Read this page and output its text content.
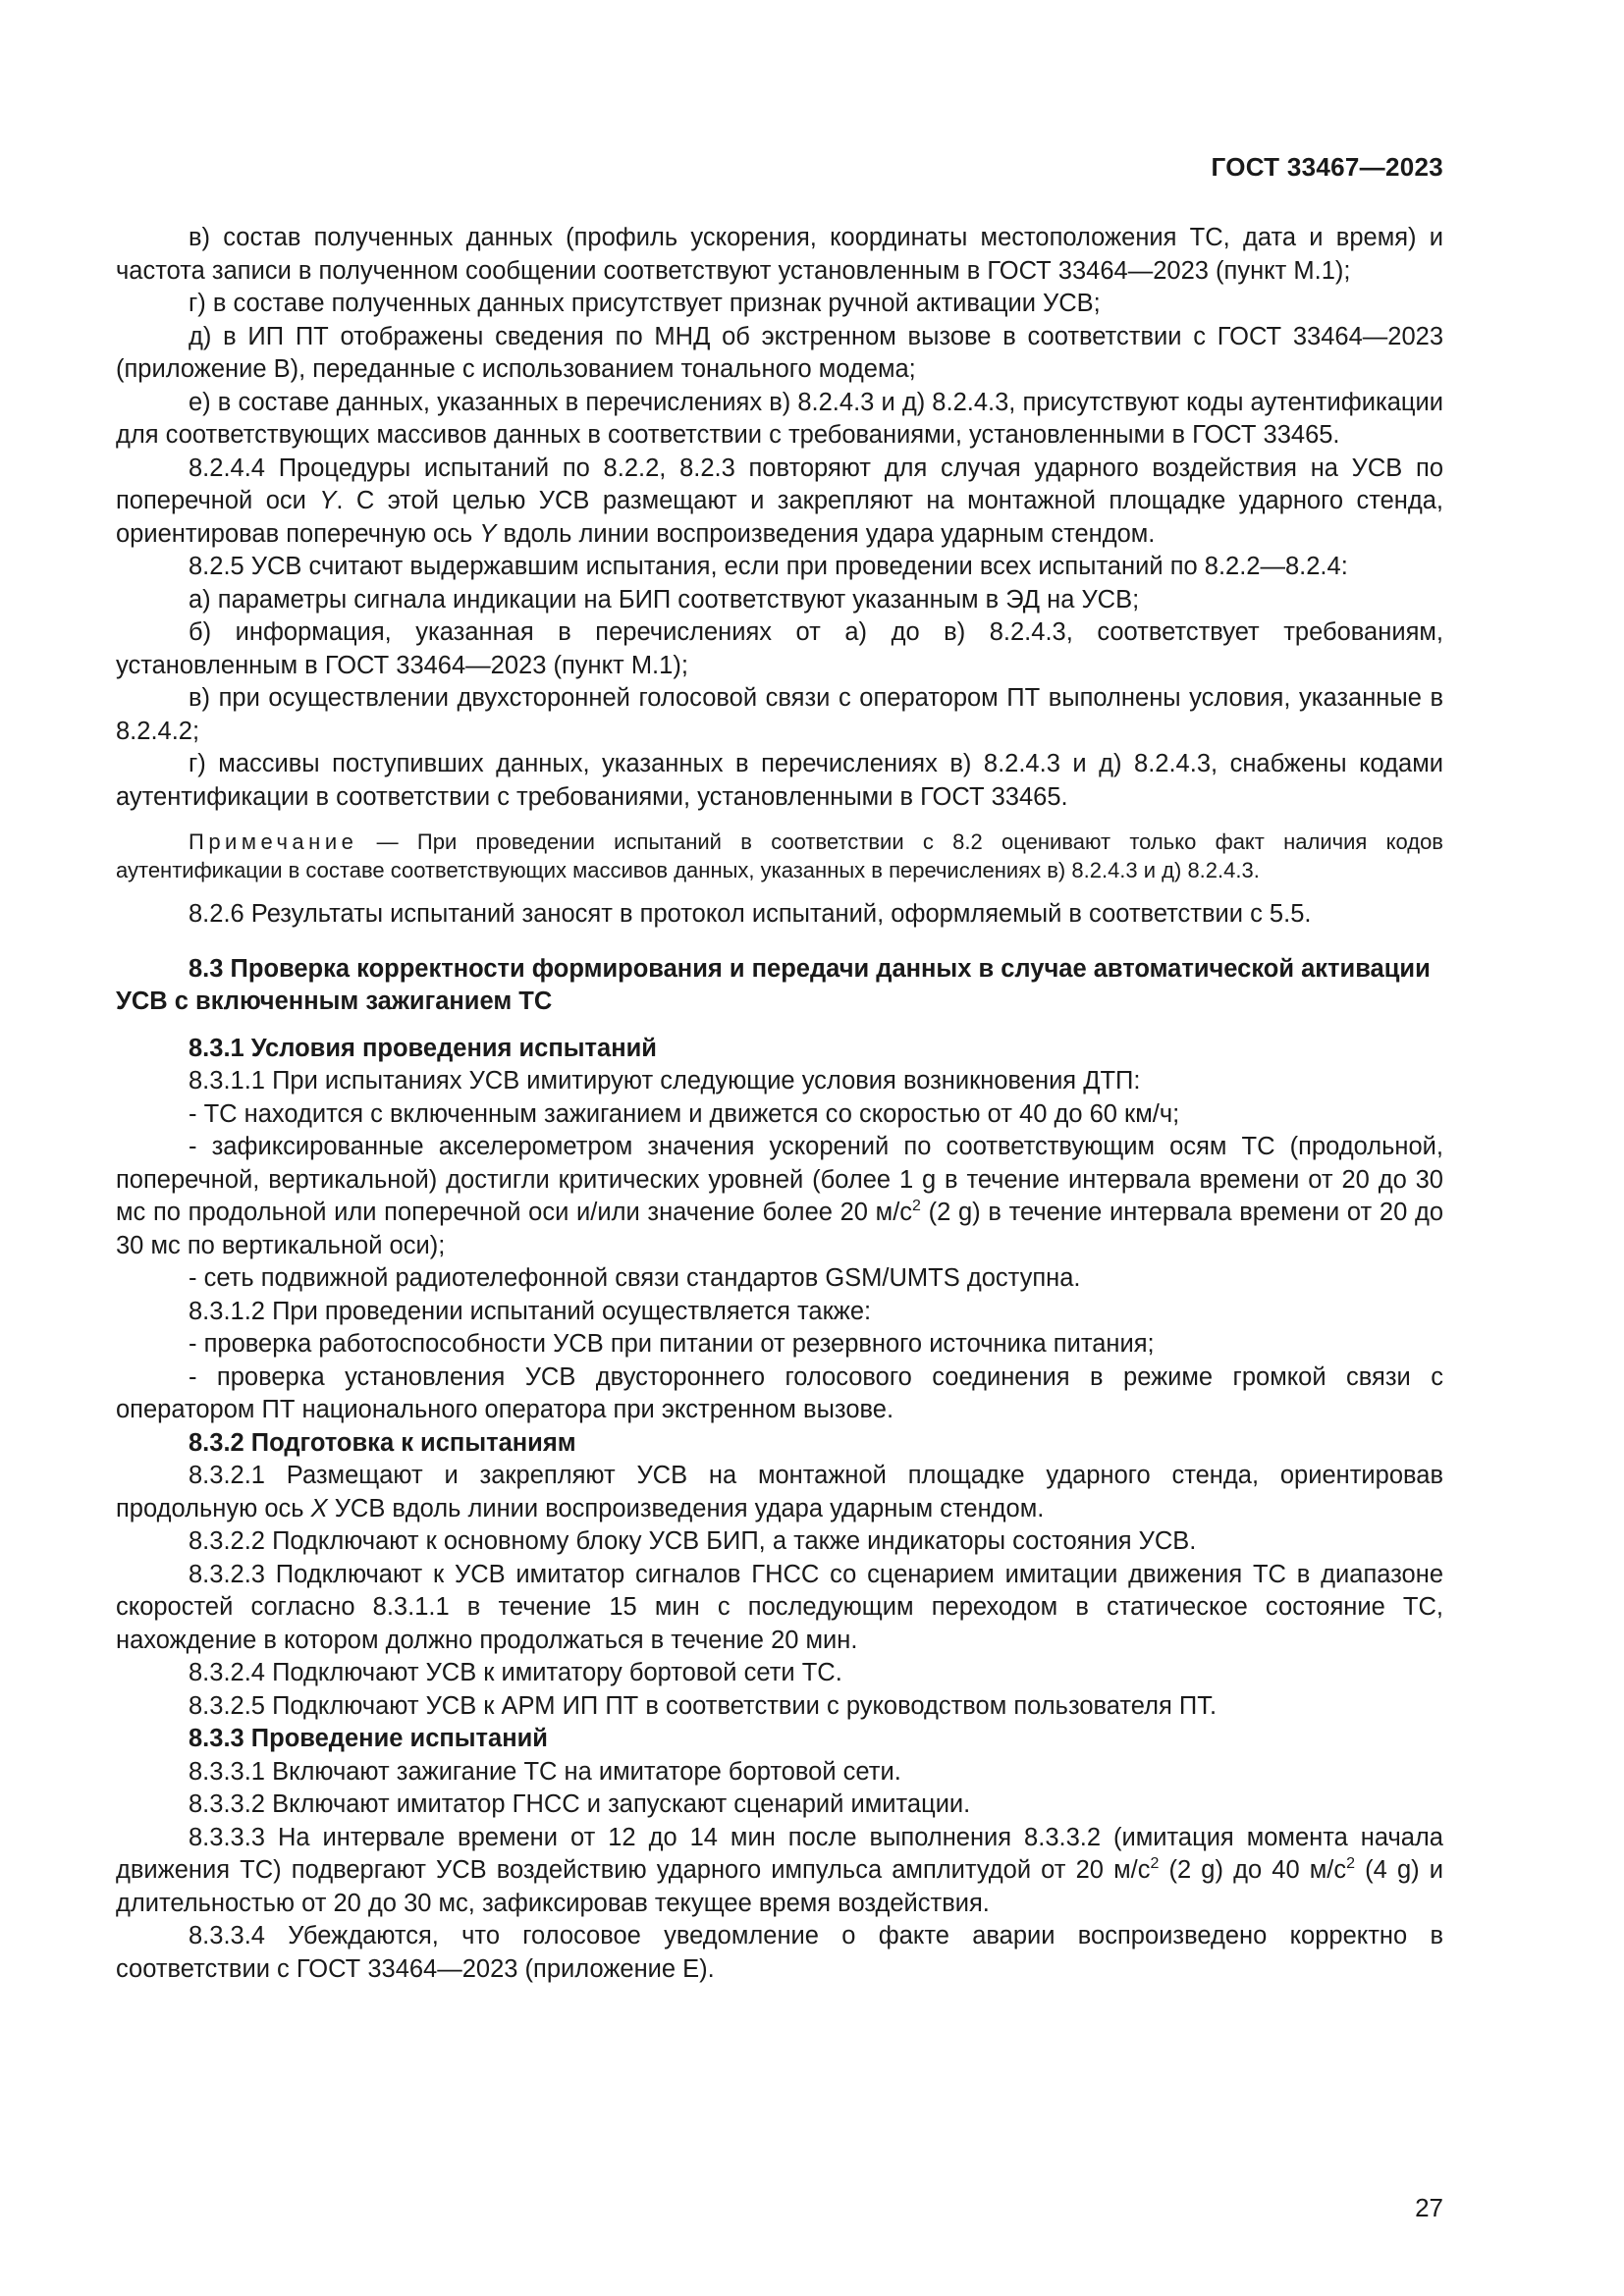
ГОСТ 33467—2023

в) состав полученных данных (профиль ускорения, координаты местоположения ТС, дата и время) и частота записи в полученном сообщении соответствуют установленным в ГОСТ 33464—2023 (пункт М.1);

г) в составе полученных данных присутствует признак ручной активации УСВ;

д) в ИП ПТ отображены сведения по МНД об экстренном вызове в соответствии с ГОСТ 33464—2023 (приложение В), переданные с использованием тонального модема;

е) в составе данных, указанных в перечислениях в) 8.2.4.3 и д) 8.2.4.3, присутствуют коды аутентификации для соответствующих массивов данных в соответствии с требованиями, установленными в ГОСТ 33465.

8.2.4.4 Процедуры испытаний по 8.2.2, 8.2.3 повторяют для случая ударного воздействия на УСВ по поперечной оси Y. С этой целью УСВ размещают и закрепляют на монтажной площадке ударного стенда, ориентировав поперечную ось Y вдоль линии воспроизведения удара ударным стендом.

8.2.5 УСВ считают выдержавшим испытания, если при проведении всех испытаний по 8.2.2—8.2.4:

а) параметры сигнала индикации на БИП соответствуют указанным в ЭД на УСВ;

б) информация, указанная в перечислениях от а) до в) 8.2.4.3, соответствует требованиям, установленным в ГОСТ 33464—2023 (пункт М.1);

в) при осуществлении двухсторонней голосовой связи с оператором ПТ выполнены условия, указанные в 8.2.4.2;

г) массивы поступивших данных, указанных в перечислениях в) 8.2.4.3 и д) 8.2.4.3, снабжены кодами аутентификации в соответствии с требованиями, установленными в ГОСТ 33465.

Примечание — При проведении испытаний в соответствии с 8.2 оценивают только факт наличия кодов аутентификации в составе соответствующих массивов данных, указанных в перечислениях в) 8.2.4.3 и д) 8.2.4.3.

8.2.6 Результаты испытаний заносят в протокол испытаний, оформляемый в соответствии с 5.5.

8.3 Проверка корректности формирования и передачи данных в случае автоматической активации УСВ с включенным зажиганием ТС
8.3.1 Условия проведения испытаний

8.3.1.1 При испытаниях УСВ имитируют следующие условия возникновения ДТП:

- ТС находится с включенным зажиганием и движется со скоростью от 40 до 60 км/ч;

- зафиксированные акселерометром значения ускорений по соответствующим осям ТС (продольной, поперечной, вертикальной) достигли критических уровней (более 1 g в течение интервала времени от 20 до 30 мс по продольной или поперечной оси и/или значение более 20 $м/с^2$ (2 g) в течение интервала времени от 20 до 30 мс по вертикальной оси);

- сеть подвижной радиотелефонной связи стандартов GSM/UMTS доступна.

8.3.1.2 При проведении испытаний осуществляется также:

- проверка работоспособности УСВ при питании от резервного источника питания;

- проверка установления УСВ двустороннего голосового соединения в режиме громкой связи с оператором ПТ национального оператора при экстренном вызове.

8.3.2 Подготовка к испытаниям

8.3.2.1 Размещают и закрепляют УСВ на монтажной площадке ударного стенда, ориентировав продольную ось X УСВ вдоль линии воспроизведения удара ударным стендом.

8.3.2.2 Подключают к основному блоку УСВ БИП, а также индикаторы состояния УСВ.

8.3.2.3 Подключают к УСВ имитатор сигналов ГНСС со сценарием имитации движения ТС в диапазоне скоростей согласно 8.3.1.1 в течение 15 мин с последующим переходом в статическое состояние ТС, нахождение в котором должно продолжаться в течение 20 мин.

8.3.2.4 Подключают УСВ к имитатору бортовой сети ТС.

8.3.2.5 Подключают УСВ к АРМ ИП ПТ в соответствии с руководством пользователя ПТ.

8.3.3 Проведение испытаний

8.3.3.1 Включают зажигание ТС на имитаторе бортовой сети.

8.3.3.2 Включают имитатор ГНСС и запускают сценарий имитации.

8.3.3.3 На интервале времени от 12 до 14 мин после выполнения 8.3.3.2 (имитация момента начала движения ТС) подвергают УСВ воздействию ударного импульса амплитудой от 20 $м/с^2$ (2 g) до 40 $м/с^2$ (4 g) и длительностью от 20 до 30 мс, зафиксировав текущее время воздействия.

8.3.3.4 Убеждаются, что голосовое уведомление о факте аварии воспроизведено корректно в соответствии с ГОСТ 33464—2023 (приложение Е).

27
